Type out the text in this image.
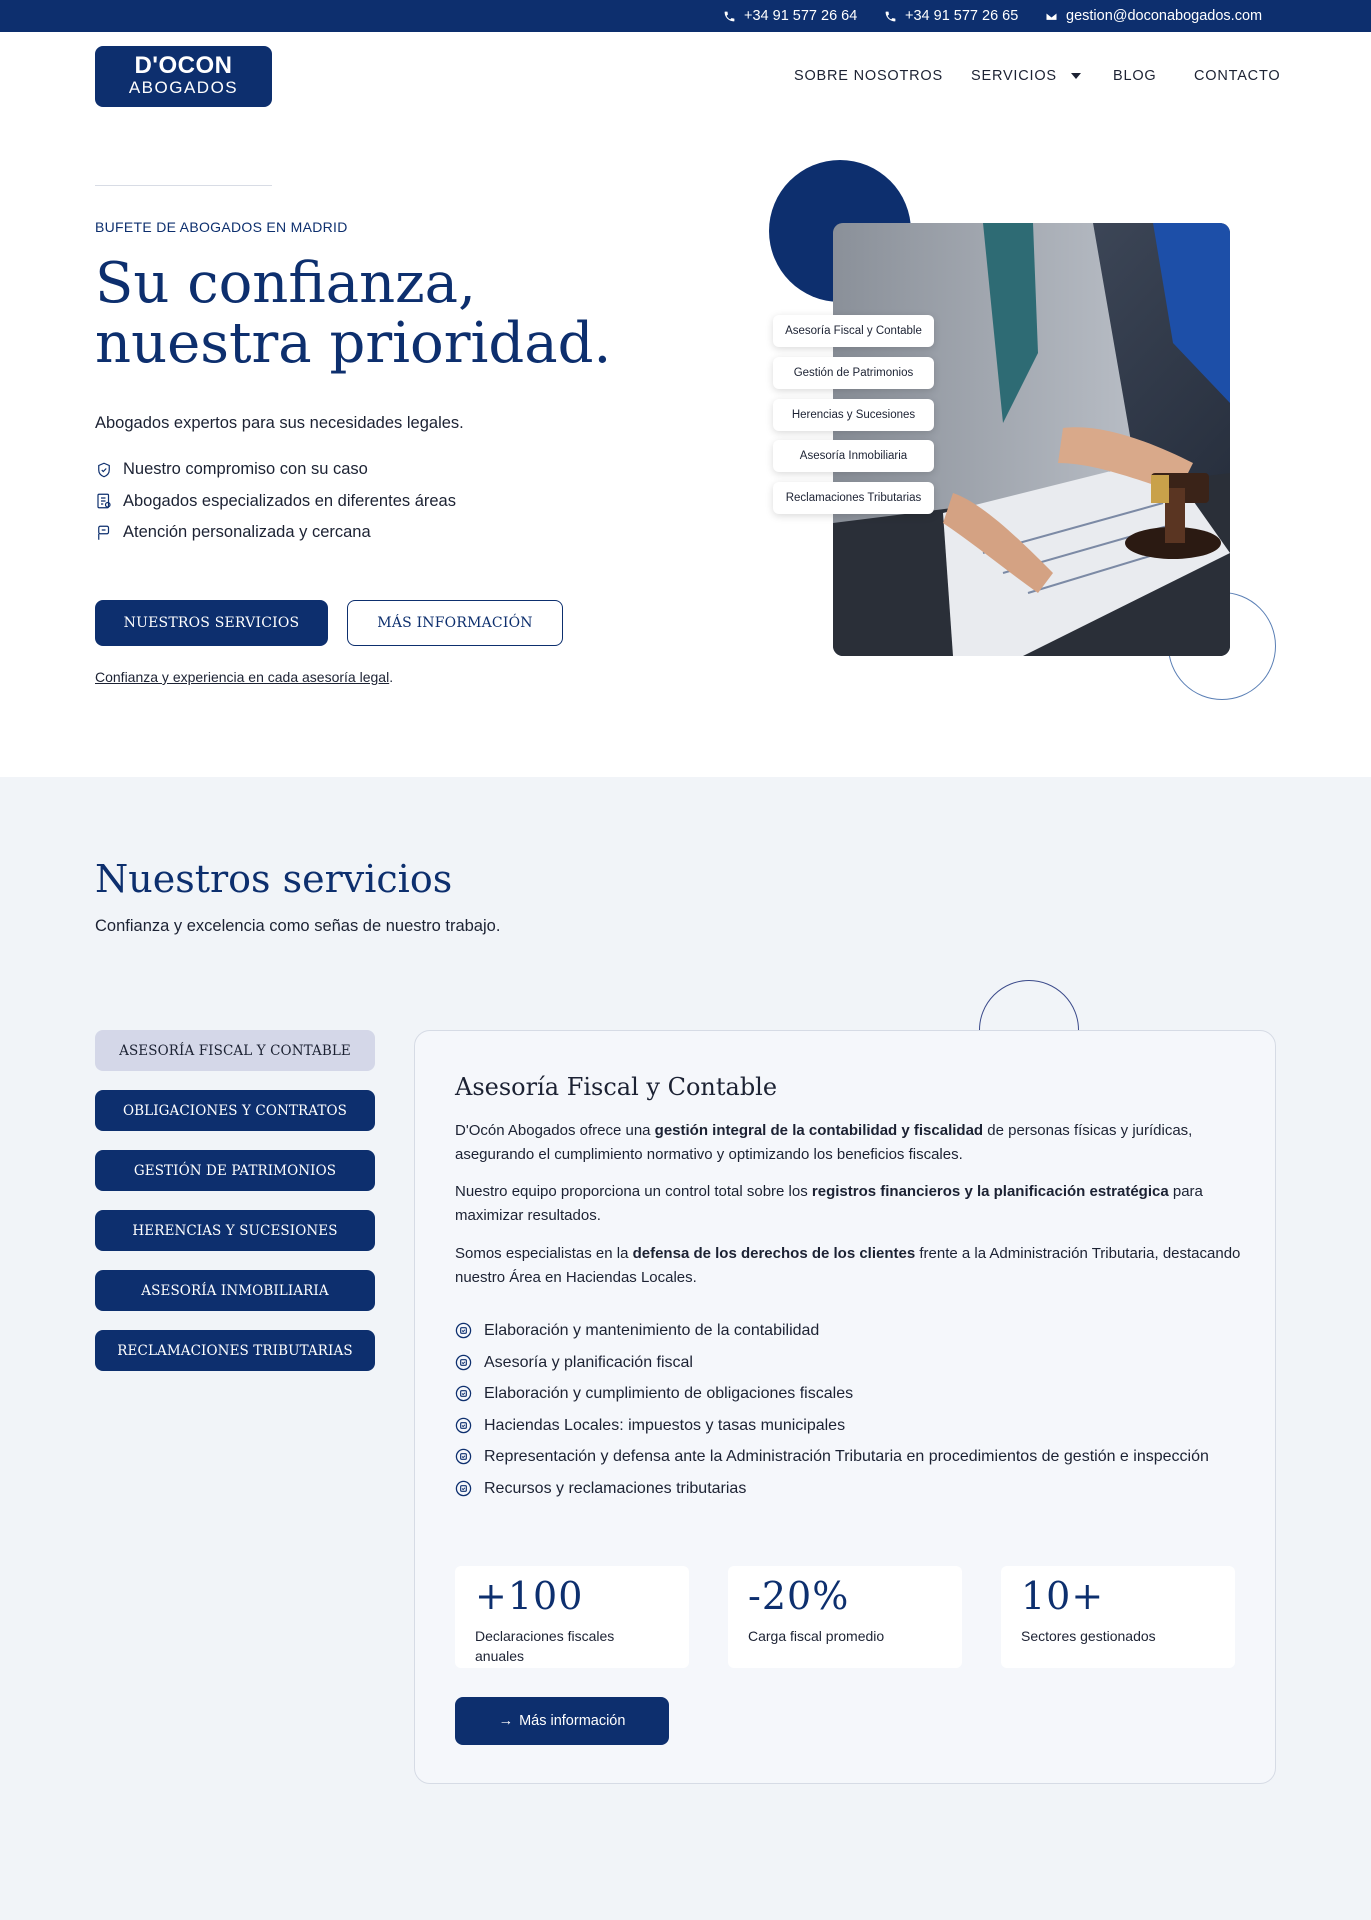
+34 91 577 26 64	+34 91 577 26 65	gestion@doconabogados.com
D'OCON
ABOGADOS
SOBRE NOSOTROS SERVICIOS	BLOG	CONTACTO
BUFETE DE ABOGADOS EN MADRID
Su confianza, nuestra prioridad.
Abogados expertos para sus necesidades legales.
Nuestro compromiso con su caso
Abogados especializados en diferentes áreas
Atención personalizada y cercana
NUESTROS SERVICIOS	MÁS INFORMACIÓN
Confianza y experiencia en cada asesoría legal.
Asesoría Fiscal y Contable
Gestión de Patrimonios
Herencias y Sucesiones
Asesoría Inmobiliaria
Reclamaciones Tributarias
Nuestros servicios
Confianza y excelencia como señas de nuestro trabajo.
ASESORÍA FISCAL Y CONTABLE
OBLIGACIONES Y CONTRATOS
GESTIÓN DE PATRIMONIOS
HERENCIAS Y SUCESIONES
ASESORÍA INMOBILIARIA
RECLAMACIONES TRIBUTARIAS
Asesoría Fiscal y Contable

D'Ocón Abogados ofrece una gestión integral de la contabilidad y fiscalidad de personas físicas y jurídicas, asegurando el cumplimiento normativo y optimizando los beneficios fiscales.

Nuestro equipo proporciona un control total sobre los registros financieros y la planificación estratégica para maximizar resultados.

Somos especialistas en la defensa de los derechos de los clientes frente a la Administración Tributaria, destacando nuestro Área en Haciendas Locales.

Elaboración y mantenimiento de la contabilidad
Asesoría y planificación fiscal
Elaboración y cumplimiento de obligaciones fiscales
Haciendas Locales: impuestos y tasas municipales
Representación y defensa ante la Administración Tributaria en procedimientos de gestión e inspección
Recursos y reclamaciones tributarias
+100
Declaraciones fiscales anuales
-20%
Carga fiscal promedio
10+
Sectores gestionados
→ Más información
